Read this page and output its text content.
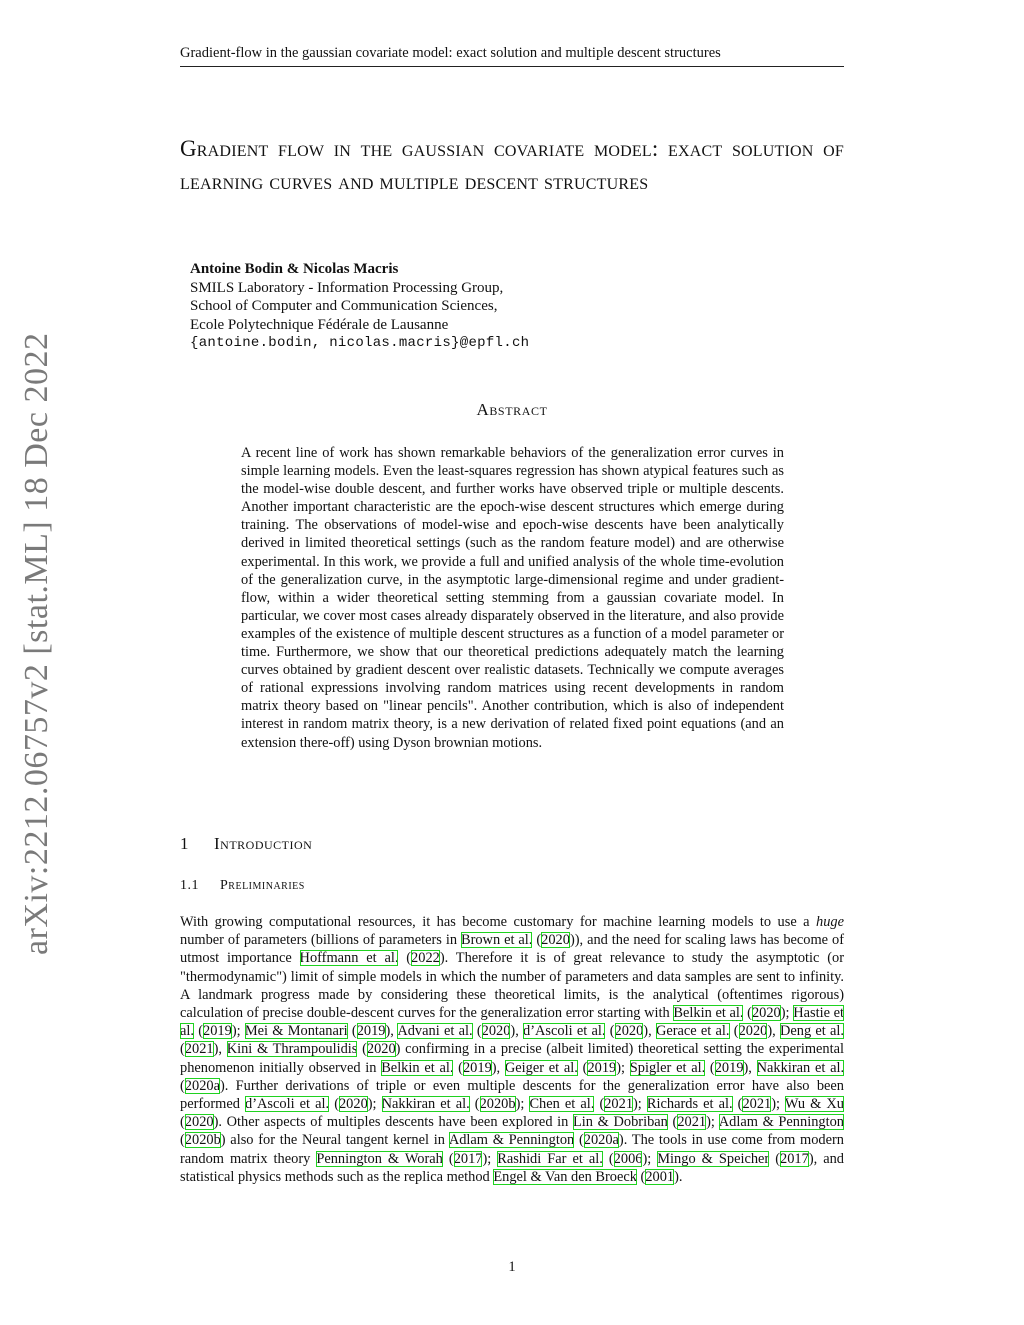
Gradient-flow in the gaussian covariate model: exact solution and multiple descent structures
Gradient flow in the gaussian covariate model: exact solution of learning curves and multiple descent structures
Antoine Bodin & Nicolas Macris
SMILS Laboratory - Information Processing Group,
School of Computer and Communication Sciences,
Ecole Polytechnique Fédérale de Lausanne
{antoine.bodin, nicolas.macris}@epfl.ch
arXiv:2212.06757v2 [stat.ML] 18 Dec 2022	Abstract
A recent line of work has shown remarkable behaviors of the generalization error curves in simple learning models. Even the least-squares regression has shown atypical features such as the model-wise double descent, and further works have observed triple or multiple descents. Another important characteristic are the epoch-wise descent structures which emerge during training. The observations of model-wise and epoch-wise descents have been analytically derived in limited theoretical settings (such as the random feature model) and are otherwise experimental. In this work, we provide a full and unified analysis of the whole time-evolution of the generalization curve, in the asymptotic large-dimensional regime and under gradient-flow, within a wider theoretical setting stemming from a gaussian covariate model. In particular, we cover most cases already disparately observed in the literature, and also provide examples of the existence of multiple descent structures as a function of a model parameter or time. Furthermore, we show that our theoretical predictions adequately match the learning curves obtained by gradient descent over realistic datasets. Technically we compute averages of rational expressions involving random matrices using recent developments in random matrix theory based on "linear pencils". Another contribution, which is also of independent interest in random matrix theory, is a new derivation of related fixed point equations (and an extension there-off) using Dyson brownian motions.
1 Introduction
1.1 Preliminaries
With growing computational resources, it has become customary for machine learning models to use a huge number of parameters (billions of parameters in Brown et al. (2020)), and the need for scaling laws has become of utmost importance Hoffmann et al. (2022). Therefore it is of great relevance to study the asymptotic (or "thermodynamic") limit of simple models in which the number of parameters and data samples are sent to infinity. A landmark progress made by considering these theoretical limits, is the analytical (oftentimes rigorous) calculation of precise double-descent curves for the generalization error starting with Belkin et al. (2020); Hastie et al. (2019); Mei & Montanari (2019), Advani et al. (2020), d’Ascoli et al. (2020), Gerace et al. (2020), Deng et al. (2021), Kini & Thrampoulidis (2020) confirming in a precise (albeit limited) theoretical setting the experimental phenomenon initially observed in Belkin et al. (2019), Geiger et al. (2019); Spigler et al. (2019), Nakkiran et al. (2020a). Further derivations of triple or even multiple descents for the generalization error have also been performed d’Ascoli et al. (2020); Nakkiran et al. (2020b); Chen et al. (2021); Richards et al. (2021); Wu & Xu (2020). Other aspects of multiples descents have been explored in Lin & Dobriban (2021); Adlam & Pennington (2020b) also for the Neural tangent kernel in Adlam & Pennington (2020a). The tools in use come from modern random matrix theory Pennington & Worah (2017); Rashidi Far et al. (2006); Mingo & Speicher (2017), and statistical physics methods such as the replica method Engel & Van den Broeck (2001).
1
